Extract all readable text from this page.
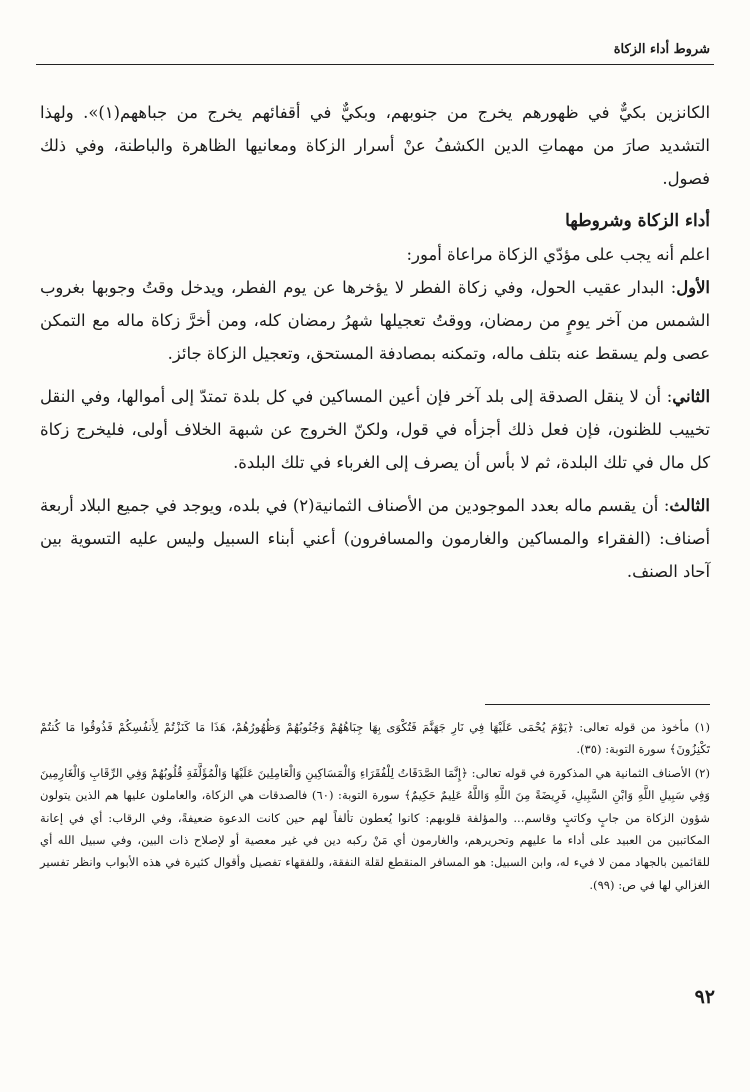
شروط أداء الزكاة

الكانزين بكيٌّ في ظهورهم يخرج من جنوبهم، وبكيٌّ في أقفائهم يخرج من جباههم(١)». ولهذا التشديد صارَ من مهماتِ الدين الكشفُ عنْ أسرار الزكاة ومعانيها الظاهرة والباطنة، وفي ذلك فصول.

أداء الزكاة وشروطها

اعلم أنه يجب على مؤدّي الزكاة مراعاة أمور:

الأول: البدار عقيب الحول، وفي زكاة الفطر لا يؤخرها عن يوم الفطر، ويدخل وقتُ وجوبها بغروب الشمس من آخر يومٍ من رمضان، ووقتُ تعجيلها شهرُ رمضان كله، ومن أخرَّ زكاة ماله مع التمكن عصى ولم يسقط عنه بتلف ماله، وتمكنه بمصادفة المستحق، وتعجيل الزكاة جائز.

الثاني: أن لا ينقل الصدقة إلى بلد آخر فإن أعين المساكين في كل بلدة تمتدّ إلى أموالها، وفي النقل تخييب للظنون، فإن فعل ذلك أجزأه في قول، ولكنّ الخروج عن شبهة الخلاف أولى، فليخرج زكاة كل مال في تلك البلدة، ثم لا بأس أن يصرف إلى الغرباء في تلك البلدة.

الثالث: أن يقسم ماله بعدد الموجودين من الأصناف الثمانية(٢) في بلده، ويوجد في جميع البلاد أربعة أصناف: (الفقراء والمساكين والغارمون والمسافرون) أعني أبناء السبيل وليس عليه التسوية بين آحاد الصنف.

(١) مأخوذ من قوله تعالى: ﴿يَوْمَ يُحْمَى عَلَيْهَا فِي نَارِ جَهَنَّمَ فَتُكْوَى بِهَا جِبَاهُهُمْ وَجُنُوبُهُمْ وَظُهُورُهُمْ، هَذَا مَا كَنَزْتُمْ لِأَنفُسِكُمْ فَذُوقُوا مَا كُنتُمْ تَكْنِزُونَ﴾ سورة التوبة: (٣٥).

(٢) الأصناف الثمانية هي المذكورة في قوله تعالى: ﴿إِنَّمَا الصَّدَقَاتُ لِلْفُقَرَاءِ وَالْمَسَاكِينِ وَالْعَامِلِينَ عَلَيْهَا وَالْمُؤَلَّفَةِ قُلُوبُهُمْ وَفِي الرِّقَابِ وَالْغَارِمِينَ وَفِي سَبِيلِ اللَّهِ وَابْنِ السَّبِيلِ، فَرِيضَةً مِنَ اللَّهِ وَاللَّهُ عَلِيمٌ حَكِيمٌ﴾ سورة التوبة: (٦٠) فالصدقات هي الزكاة، والعاملون عليها هم الذين يتولون شؤون الزكاة من جابٍ وكاتبٍ وقاسم... والمؤلفة قلوبهم: كانوا يُعطون تألفاً لهم حين كانت الدعوة ضعيفةً، وفي الرقاب: أي في إعانة المكاتبين من العبيد على أداء ما عليهم وتحريرهم، والغارمون أي مَنْ ركبه دين في غير معصية أو لإصلاح ذات البين، وفي سبيل الله أي للقائمين بالجهاد ممن لا فيء له، وابن السبيل: هو المسافر المنقطع لقلة النفقة، وللفقهاء تفصيل وأقوال كثيرة في هذه الأبواب وانظر تفسير الغزالي لها في ص: (٩٩).

٩٢
